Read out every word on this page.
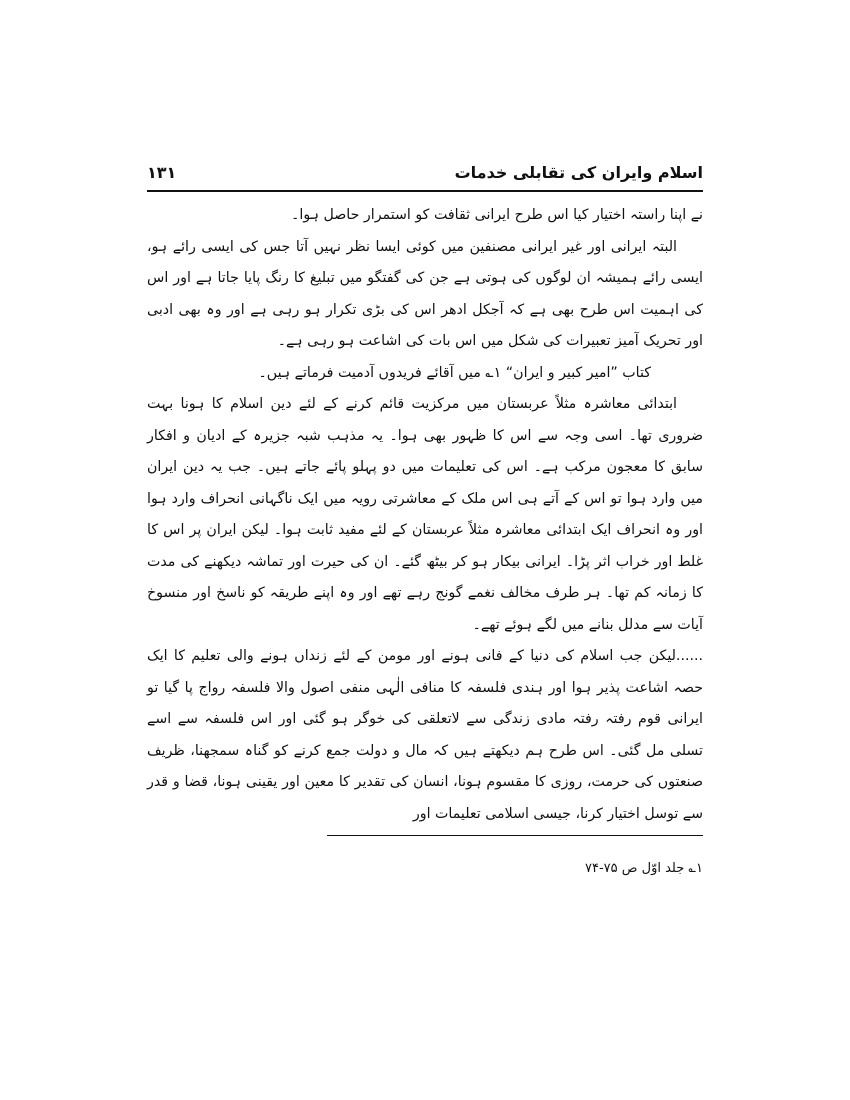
اسلام وایران کی تقابلی خدمات
۱۳۱

نے اپنا راستہ اختیار کیا اس طرح ایرانی ثقافت کو استمرار حاصل ہوا۔

البتہ ایرانی اور غیر ایرانی مصنفین میں کوئی ایسا نظر نہیں آتا جس کی ایسی رائے ہو، ایسی رائے ہمیشہ ان لوگوں کی ہوتی ہے جن کی گفتگو میں تبلیغ کا رنگ پایا جاتا ہے اور اس کی اہمیت اس طرح بھی ہے کہ آجکل ادھر اس کی بڑی تکرار ہو رہی ہے اور وہ بھی ادبی اور تحریک آمیز تعبیرات کی شکل میں اس بات کی اشاعت ہو رہی ہے۔

کتاب ”امیر کبیر و ایران“ ۱؎ میں آقائے فریدوں آدمیت فرماتے ہیں۔

ابتدائی معاشرہ مثلاً عربستان میں مرکزیت قائم کرنے کے لئے دین اسلام کا ہونا بہت ضروری تھا۔ اسی وجہ سے اس کا ظہور بھی ہوا۔ یہ مذہب شبہ جزیرہ کے ادیان و افکار سابق کا معجون مرکب ہے۔ اس کی تعلیمات میں دو پہلو پائے جاتے ہیں۔ جب یہ دین ایران میں وارد ہوا تو اس کے آتے ہی اس ملک کے معاشرتی رویہ میں ایک ناگہانی انحراف وارد ہوا اور وہ انحراف ایک ابتدائی معاشرہ مثلاً عربستان کے لئے مفید ثابت ہوا۔ لیکن ایران پر اس کا غلط اور خراب اثر پڑا۔ ایرانی بیکار ہو کر بیٹھ گئے۔ ان کی حیرت اور تماشہ دیکھنے کی مدت کا زمانہ کم تھا۔ ہر طرف مخالف نغمے گونج رہے تھے اور وہ اپنے طریقہ کو ناسخ اور منسوخ آیات سے مدلل بنانے میں لگے ہوئے تھے۔

......لیکن جب اسلام کی دنیا کے فانی ہونے اور مومن کے لئے زنداں ہونے والی تعلیم کا ایک حصہ اشاعت پذیر ہوا اور ہندی فلسفہ کا منافی الٰہی منفی اصول والا فلسفہ رواج پا گیا تو ایرانی قوم رفتہ رفتہ مادی زندگی سے لاتعلقی کی خوگر ہو گئی اور اس فلسفہ سے اسے تسلی مل گئی۔ اس طرح ہم دیکھتے ہیں کہ مال و دولت جمع کرنے کو گناہ سمجھنا، ظریف صنعتوں کی حرمت، روزی کا مقسوم ہونا، انسان کی تقدیر کا معین اور یقینی ہونا، قضا و قدر سے توسل اختیار کرنا، جیسی اسلامی تعلیمات اور

۱؎ جلد اوّل ص ۷۵-۷۴
